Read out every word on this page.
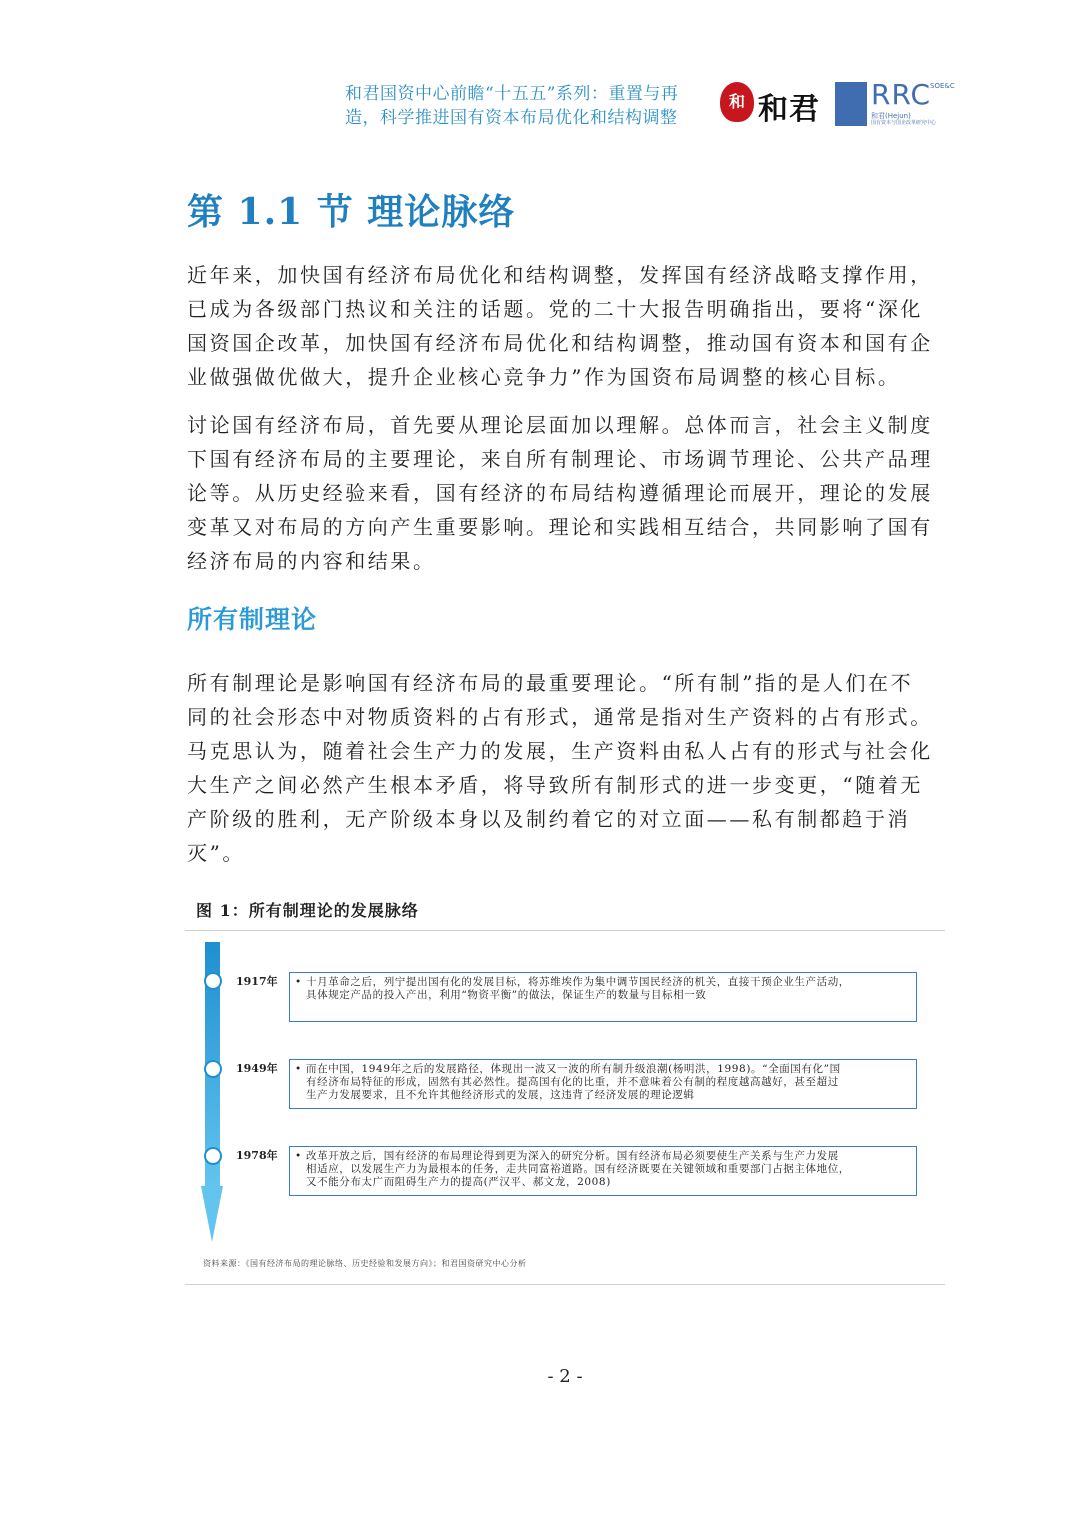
和君国资中心前瞻“十五五”系列：重置与再
造，科学推进国有资本布局优化和结构调整
和 和君 RRC
SOE&C
和君(Hejun)
国有资本与国企改革研究中心
第 1.1 节 理论脉络
近年来，加快国有经济布局优化和结构调整，发挥国有经济战略支撑作用，
已成为各级部门热议和关注的话题。党的二十大报告明确指出，要将“深化
国资国企改革，加快国有经济布局优化和结构调整，推动国有资本和国有企
业做强做优做大，提升企业核心竞争力”作为国资布局调整的核心目标。
讨论国有经济布局，首先要从理论层面加以理解。总体而言，社会主义制度
下国有经济布局的主要理论，来自所有制理论、市场调节理论、公共产品理
论等。从历史经验来看，国有经济的布局结构遵循理论而展开，理论的发展
变革又对布局的方向产生重要影响。理论和实践相互结合，共同影响了国有
经济布局的内容和结果。
所有制理论
所有制理论是影响国有经济布局的最重要理论。“所有制”指的是人们在不
同的社会形态中对物质资料的占有形式，通常是指对生产资料的占有形式。
马克思认为，随着社会生产力的发展，生产资料由私人占有的形式与社会化
大生产之间必然产生根本矛盾，将导致所有制形式的进一步变更，“随着无
产阶级的胜利，无产阶级本身以及制约着它的对立面——私有制都趋于消
灭”。
图 1：所有制理论的发展脉络
1917年 • 十月革命之后，列宁提出国有化的发展目标，将苏维埃作为集中调节国民经济的机关，直接干预企业生产活动，
具体规定产品的投入产出，利用“物资平衡”的做法，保证生产的数量与目标相一致
1949年 • 而在中国，1949年之后的发展路径，体现出一波又一波的所有制升级浪潮(杨明洪，1998)。“全面国有化”国
有经济布局特征的形成，固然有其必然性。提高国有化的比重，并不意味着公有制的程度越高越好，甚至超过
生产力发展要求，且不允许其他经济形式的发展，这违背了经济发展的理论逻辑
1978年 • 改革开放之后，国有经济的布局理论得到更为深入的研究分析。国有经济布局必须要使生产关系与生产力发展
相适应，以发展生产力为最根本的任务，走共同富裕道路。国有经济既要在关键领域和重要部门占据主体地位，
又不能分布太广而阻碍生产力的提高(严汉平、郝文龙，2008)
资料来源：《国有经济布局的理论脉络、历史经验和发展方向》；和君国资研究中心分析
- 2 -
